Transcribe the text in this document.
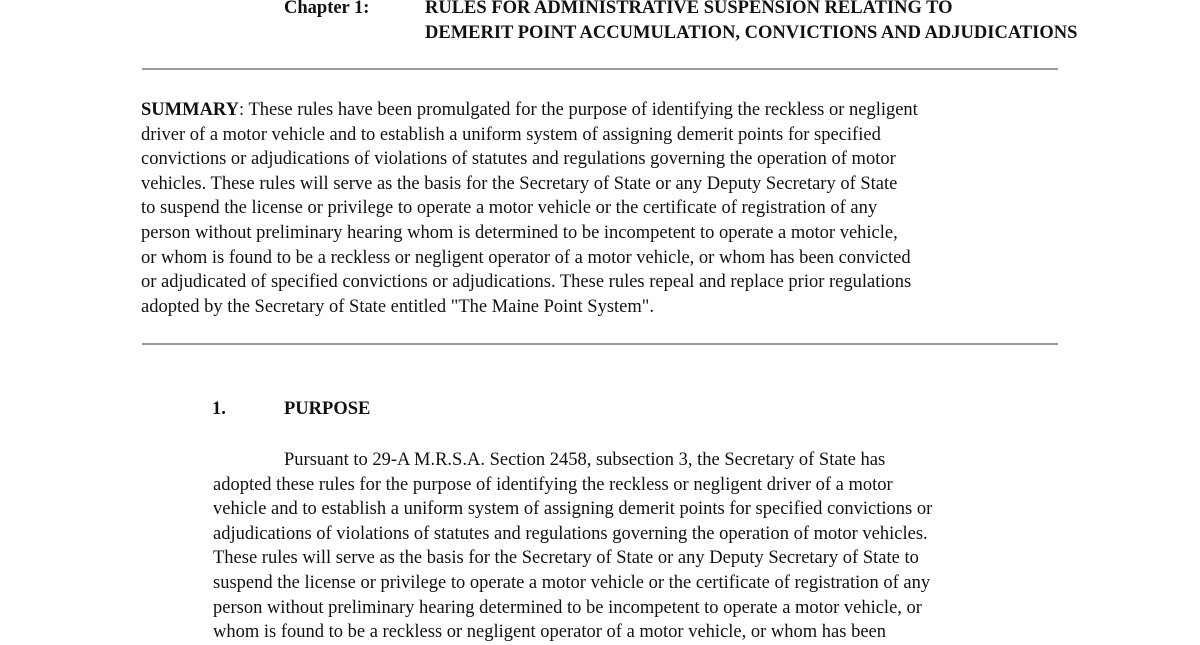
Chapter 1:	RULES FOR ADMINISTRATIVE SUSPENSION RELATING TO
DEMERIT POINT ACCUMULATION, CONVICTIONS AND ADJUDICATIONS
SUMMARY: These rules have been promulgated for the purpose of identifying the reckless or negligent
driver of a motor vehicle and to establish a uniform system of assigning demerit points for specified
convictions or adjudications of violations of statutes and regulations governing the operation of motor
vehicles. These rules will serve as the basis for the Secretary of State or any Deputy Secretary of State
to suspend the license or privilege to operate a motor vehicle or the certificate of registration of any
person without preliminary hearing whom is determined to be incompetent to operate a motor vehicle,
or whom is found to be a reckless or negligent operator of a motor vehicle, or whom has been convicted
or adjudicated of specified convictions or adjudications. These rules repeal and replace prior regulations
adopted by the Secretary of State entitled "The Maine Point System".
1.	PURPOSE
Pursuant to 29-A M.R.S.A. Section 2458, subsection 3, the Secretary of State has
adopted these rules for the purpose of identifying the reckless or negligent driver of a motor
vehicle and to establish a uniform system of assigning demerit points for specified convictions or
adjudications of violations of statutes and regulations governing the operation of motor vehicles.
These rules will serve as the basis for the Secretary of State or any Deputy Secretary of State to
suspend the license or privilege to operate a motor vehicle or the certificate of registration of any
person without preliminary hearing determined to be incompetent to operate a motor vehicle, or
whom is found to be a reckless or negligent operator of a motor vehicle, or whom has been
